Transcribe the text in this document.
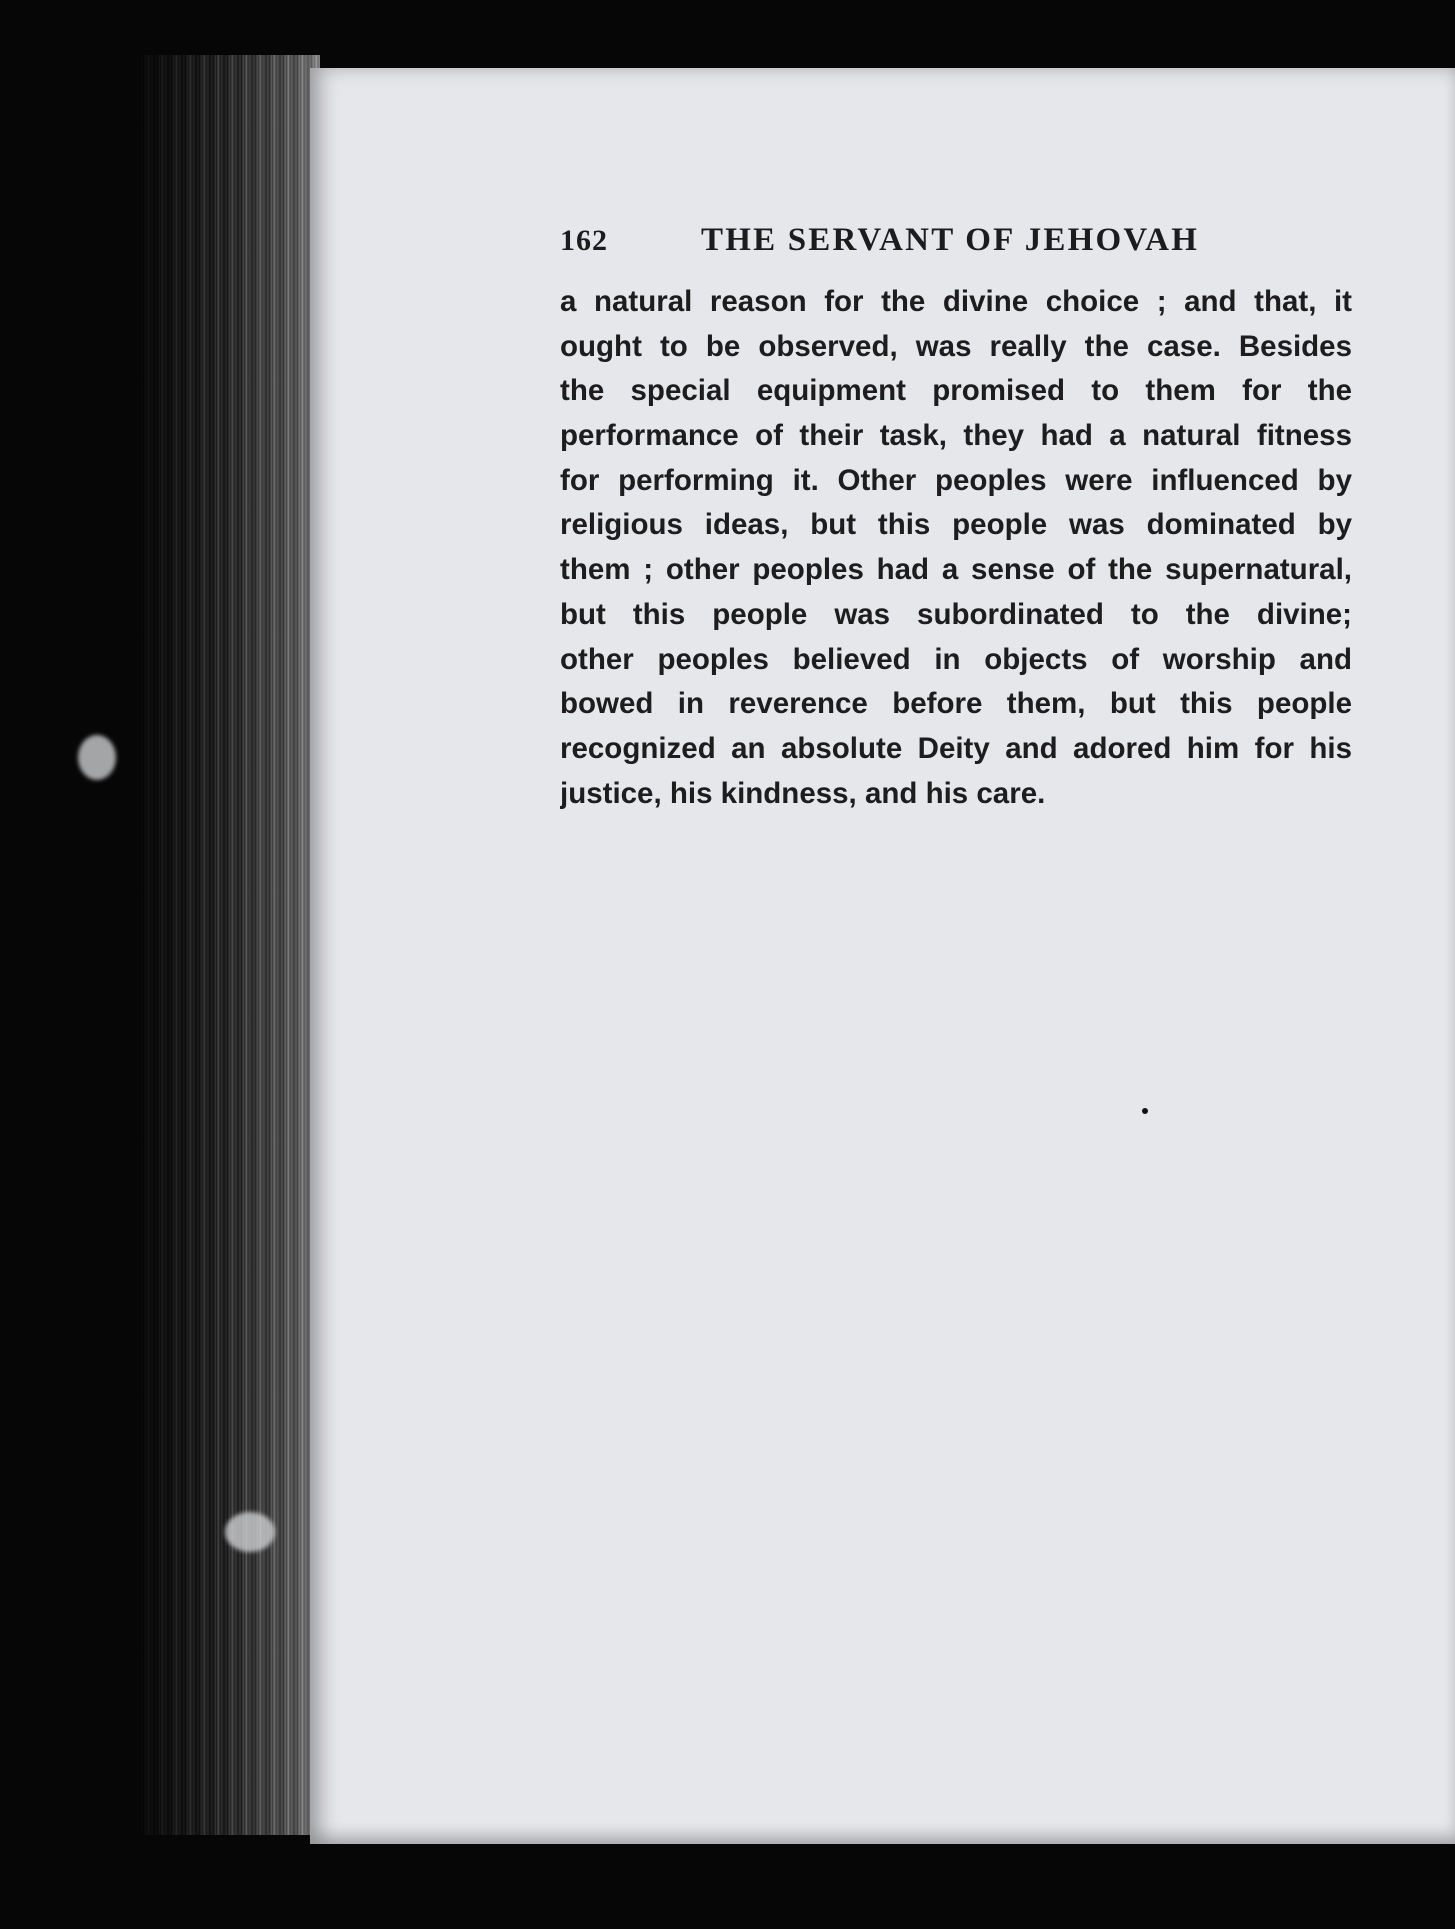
162	THE SERVANT OF JEHOVAH
a natural reason for the divine choice ; and that, it
ought to be observed, was really the case. Besides
the special equipment promised to them for the
performance of their task, they had a natural fitness
for performing it. Other peoples were influenced by
religious ideas, but this people was dominated by
them ; other peoples had a sense of the supernatural,
but this people was subordinated to the divine;
other peoples believed in objects of worship and
bowed in reverence before them, but this people
recognized an absolute Deity and adored him for his
justice, his kindness, and his care.
